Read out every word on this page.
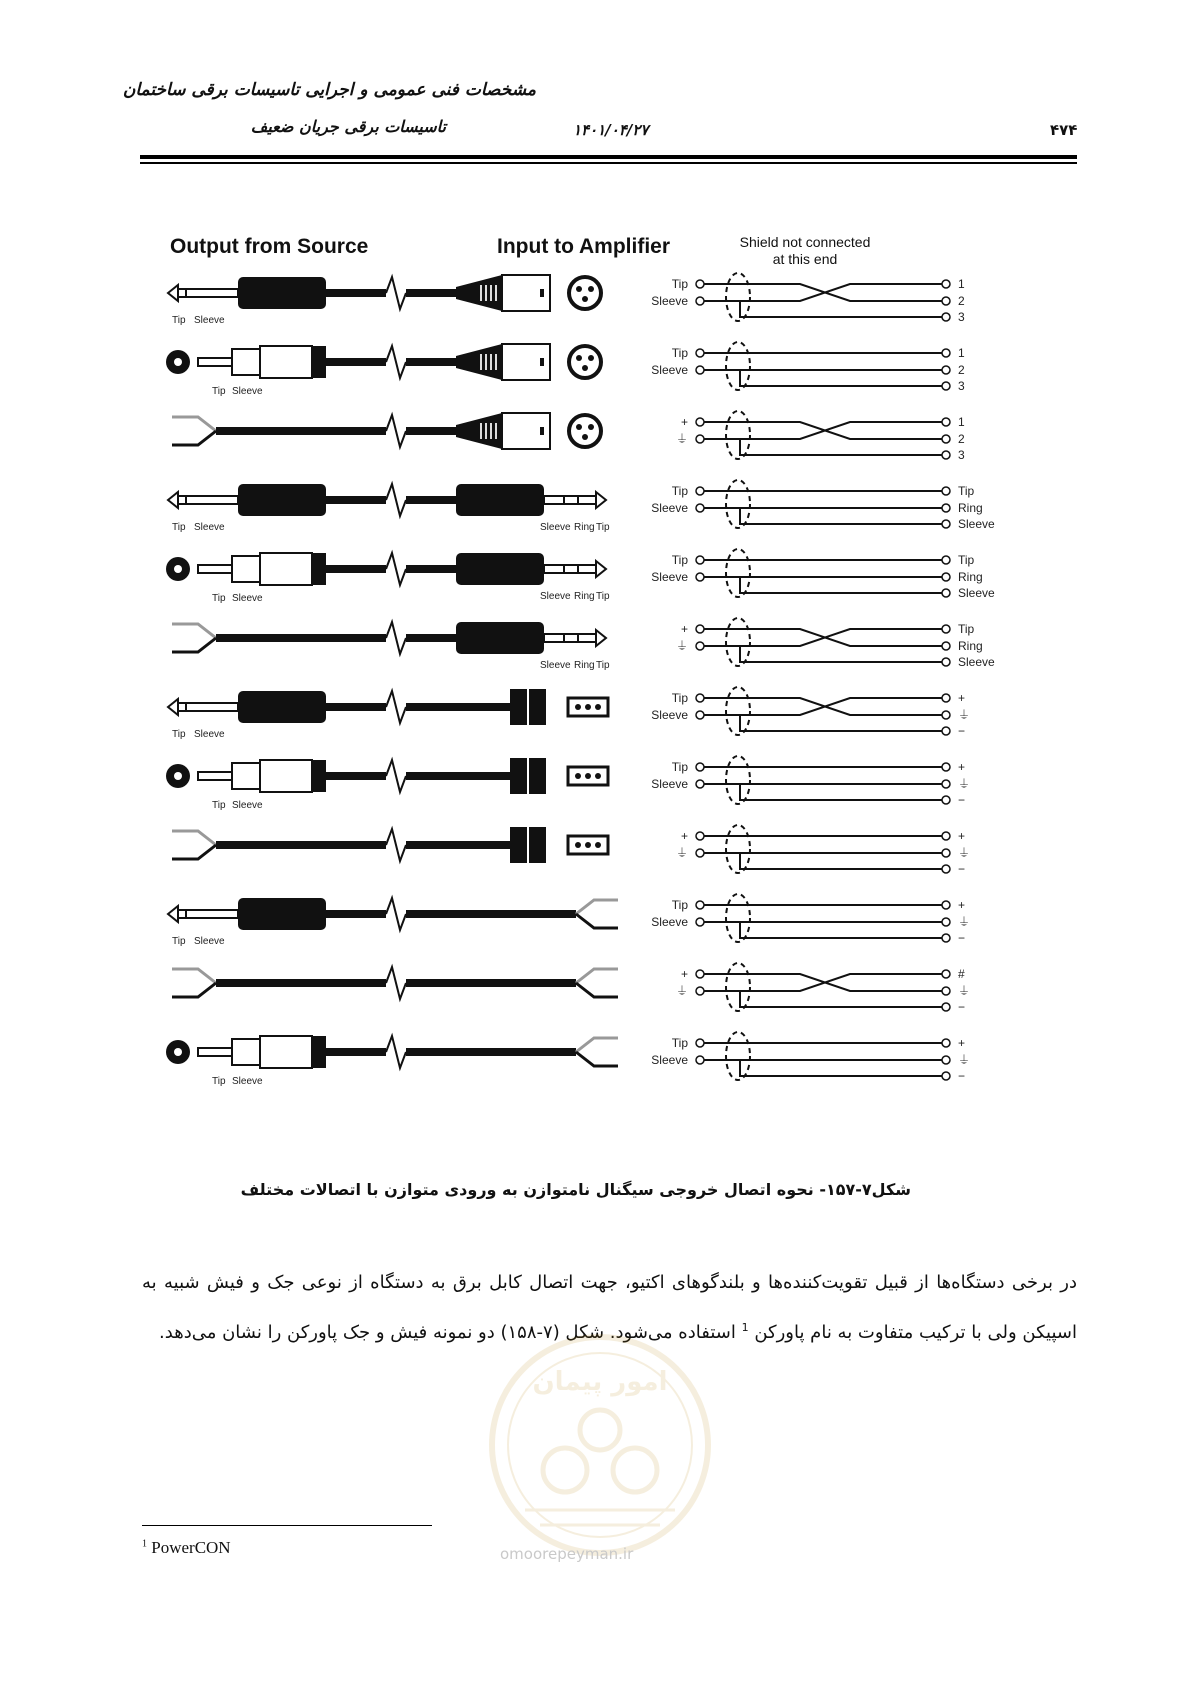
مشخصات فنی عمومی و اجرایی تاسیسات برقی ساختمان
تاسیسات برقی جریان ضعیف	۱۴۰۱/۰۴/۲۷	۴۷۴
Output from Source	Input to Amplifier	Shield not connected
at this end
Tip Sleeve
Tip
Sleeve
1
2
3
Tip Sleeve
Tip
Sleeve
1
2
3
+
⏚
1
2
3
Tip Sleeve	Sleeve Ring Tip
Tip
Sleeve
Tip
Ring
Sleeve
Tip Sleeve	Sleeve Ring Tip
Tip
Sleeve
Tip
Ring
Sleeve
Sleeve Ring Tip
+
⏚
Tip
Ring
Sleeve
Tip Sleeve
Tip
Sleeve
+
⏚
−
Tip Sleeve
Tip
Sleeve
+
⏚
−
+
⏚
+
⏚
−
Tip Sleeve
Tip
Sleeve
+
⏚
−
+
⏚
#
⏚
−
Tip Sleeve
Tip
Sleeve
+
⏚
−
شکل۷-۱۵۷- نحوه اتصال خروجی سیگنال نامتوازن به ورودی متوازن با اتصالات مختلف
در برخی دستگاه‌ها از قبیل تقویت‌کننده‌ها و بلندگوهای اکتیو، جهت اتصال کابل برق به دستگاه از نوعی جک و فیش شبیه به اسپیکن ولی با ترکیب متفاوت به نام پاورکن $^1$ استفاده می‌شود. شکل (۷-۱۵۸) دو نمونه فیش و جک پاورکن را نشان می‌دهد.
امور پیمان
omoorepeyman.ir
$^1$ PowerCON
